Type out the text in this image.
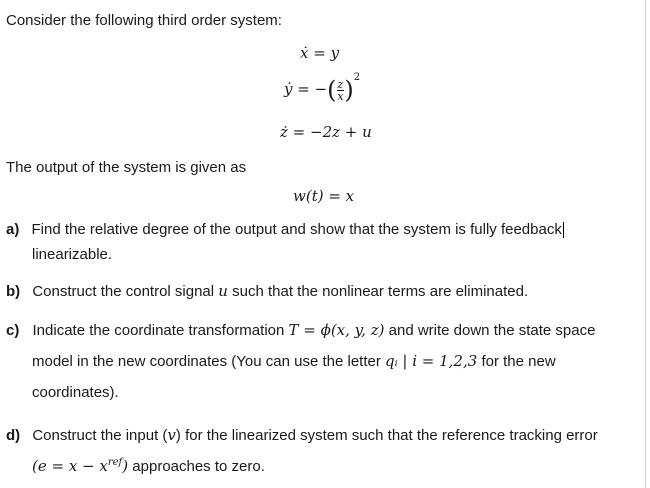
Consider the following third order system:
ẋ = y
ẏ = −( $\frac{z}{x} )^2$
ż = −2z + u
The output of the system is given as
w(t) = x
a) Find the relative degree of the output and show that the system is fully feedback
linearizable.
b) Construct the control signal u such that the nonlinear terms are eliminated.
c) Indicate the coordinate transformation T = ϕ(x, y, z) and write down the state space
model in the new coordinates (You can use the letter qᵢ | i = 1,2,3 for the new
coordinates).
d) Construct the input (v) for the linearized system such that the reference tracking error
$(e = x - x^{ref})$ approaches to zero.
